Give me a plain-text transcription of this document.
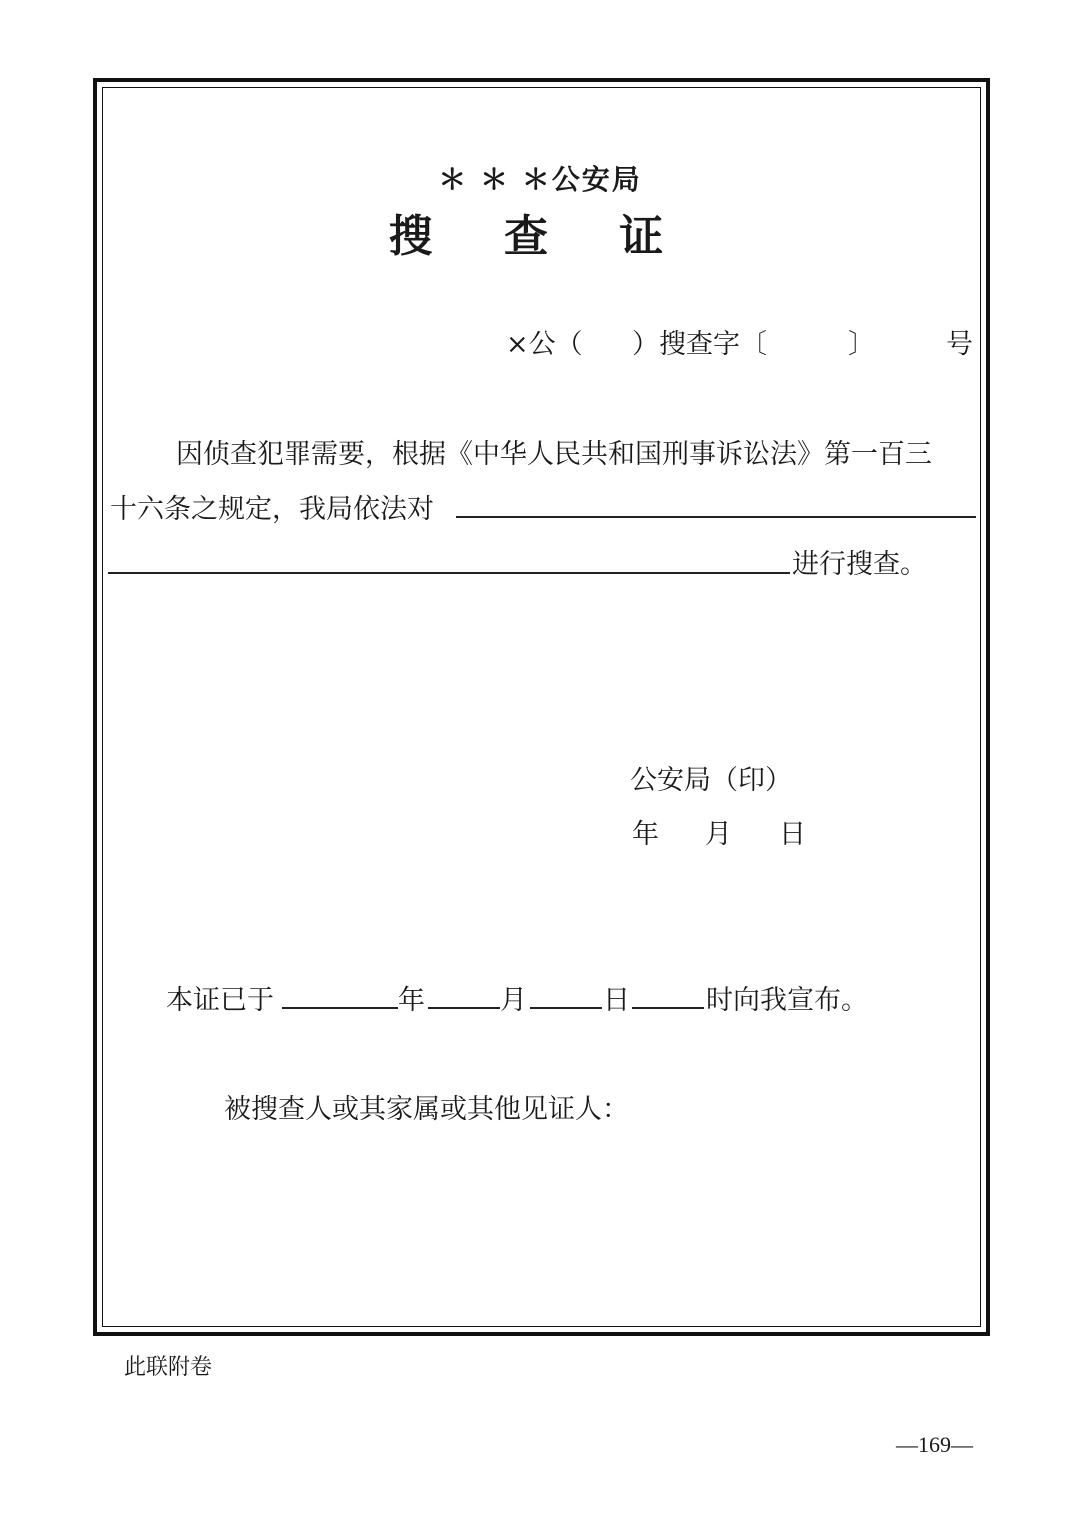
＊ ＊ ＊公安局
搜 查 证
×公（ ）搜查字〔	〕	号
因侦查犯罪需要，根据《中华人民共和国刑事诉讼法》第一百三
十六条之规定，我局依法对
进行搜查。
公安局（印）
年 月 日
本证已于	年	月	日	时向我宣布。
被搜查人或其家属或其他见证人：
此联附卷
—169—
